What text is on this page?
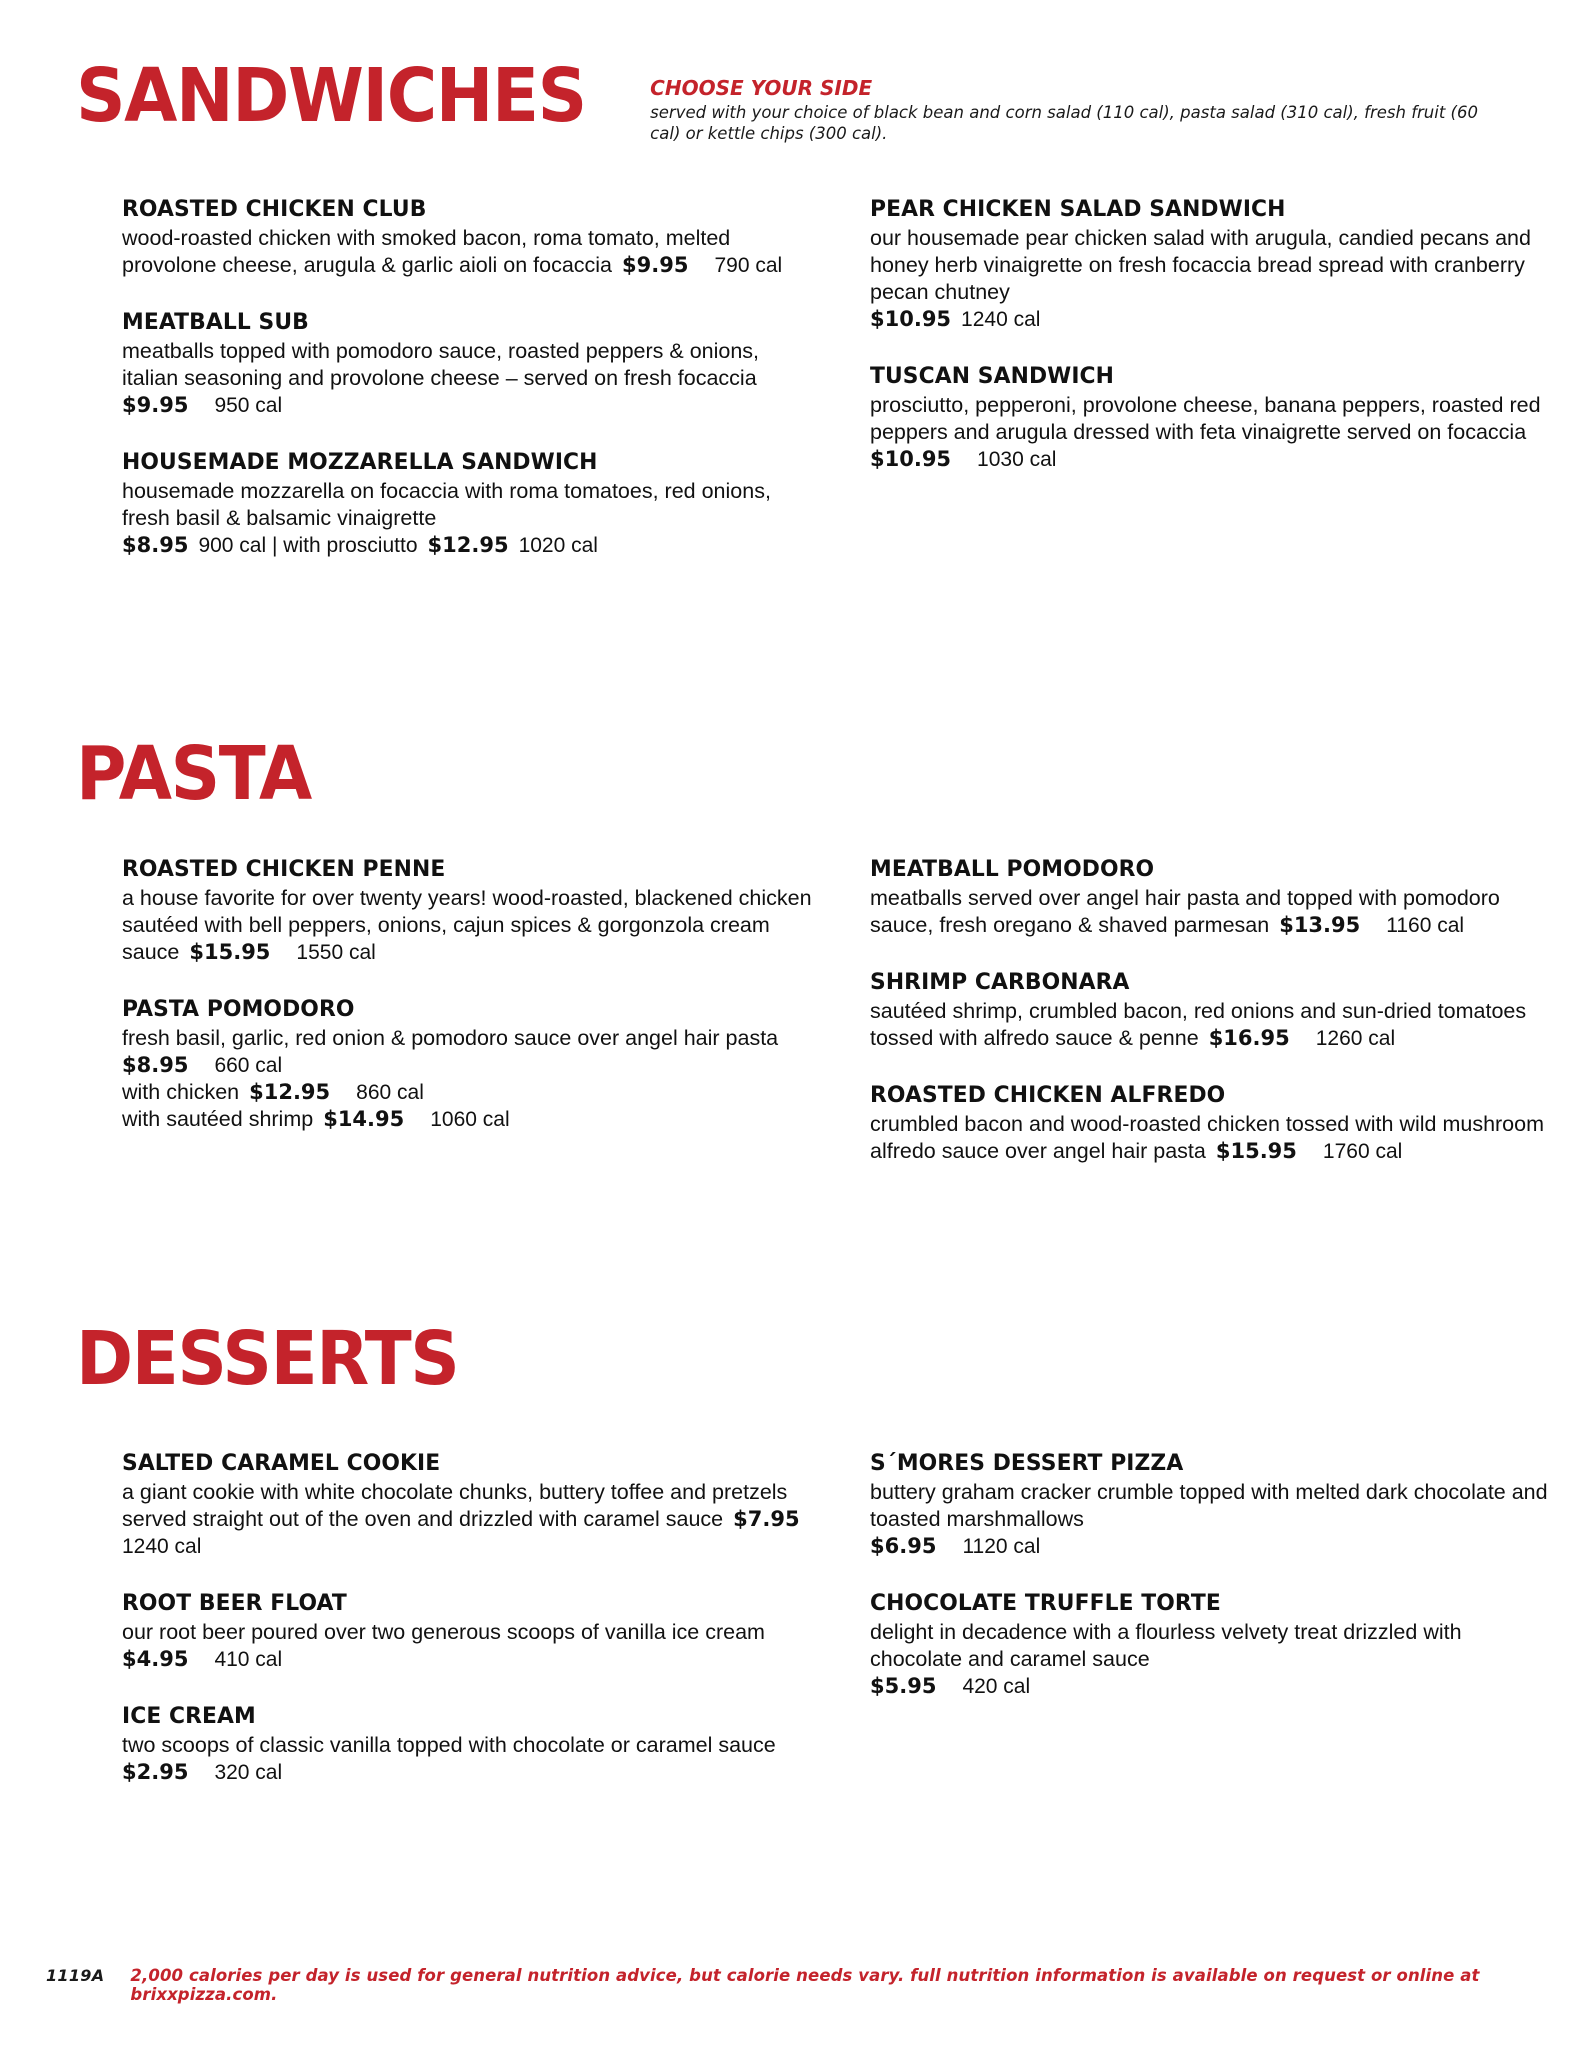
SANDWICHES	CHOOSE YOUR SIDE
served with your choice of black bean and corn salad (110 cal), pasta salad (310 cal), fresh fruit (60 cal) or kettle chips (300 cal).
ROASTED CHICKEN CLUB
wood-roasted chicken with smoked bacon, roma tomato, melted provolone cheese, arugula & garlic aioli on focaccia $9.95 790 cal
MEATBALL SUB
meatballs topped with pomodoro sauce, roasted peppers & onions, italian seasoning and provolone cheese – served on fresh focaccia$9.95 950 cal
HOUSEMADE MOZZARELLA SANDWICH
housemade mozzarella on focaccia with roma tomatoes, red onions, fresh basil & balsamic vinaigrette
$8.95 900 cal | with prosciutto $12.95 1020 cal
PEAR CHICKEN SALAD SANDWICH
our housemade pear chicken salad with arugula, candied pecans and honey herb vinaigrette on fresh focaccia bread spread with cranberry pecan chutney
$10.95 1240 cal
TUSCAN SANDWICH
prosciutto, pepperoni, provolone cheese, banana peppers, roasted red peppers and arugula dressed with feta vinaigrette served on focaccia
$10.95 1030 cal
PASTA
ROASTED CHICKEN PENNE
a house favorite for over twenty years! wood-roasted, blackened chicken sautéed with bell peppers, onions, cajun spices & gorgonzola cream sauce $15.95 1550 cal
PASTA POMODORO
fresh basil, garlic, red onion & pomodoro sauce over angel hair pasta$8.95 660 cal
with chicken $12.95 860 cal
with sautéed shrimp $14.95 1060 cal
MEATBALL POMODORO
meatballs served over angel hair pasta and topped with pomodoro sauce, fresh oregano & shaved parmesan $13.95 1160 cal
SHRIMP CARBONARA
sautéed shrimp, crumbled bacon, red onions and sun-dried tomatoes tossed with alfredo sauce & penne $16.95 1260 cal
ROASTED CHICKEN ALFREDO
crumbled bacon and wood-roasted chicken tossed with wild mushroom alfredo sauce over angel hair pasta $15.95 1760 cal
DESSERTS
SALTED CARAMEL COOKIE
a giant cookie with white chocolate chunks, buttery toffee and pretzels served straight out of the oven and drizzled with caramel sauce $7.951240 cal
ROOT BEER FLOAT
our root beer poured over two generous scoops of vanilla ice cream$4.95 410 cal
ICE CREAM
two scoops of classic vanilla topped with chocolate or caramel sauce$2.95 320 cal
S´MORES DESSERT PIZZA
buttery graham cracker crumble topped with melted dark chocolate and toasted marshmallows
$6.95 1120 cal
CHOCOLATE TRUFFLE TORTE
delight in decadence with a flourless velvety treat drizzled with chocolate and caramel sauce
$5.95 420 cal
1119A 2,000 calories per day is used for general nutrition advice, but calorie needs vary. full nutrition information is available on request or online at brixxpizza.com.
